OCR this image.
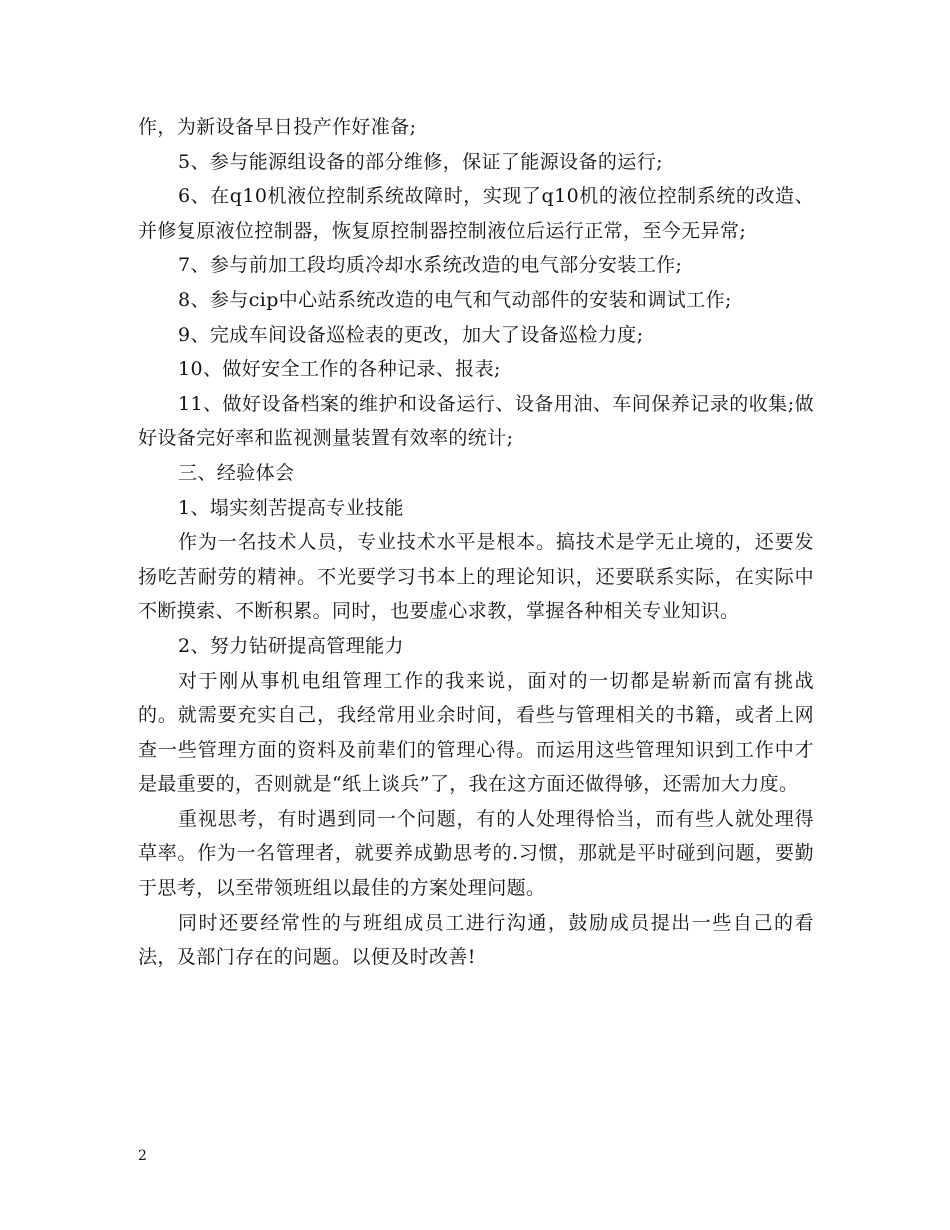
作，为新设备早日投产作好准备;

5、参与能源组设备的部分维修，保证了能源设备的运行;

6、在q10机液位控制系统故障时，实现了q10机的液位控制系统的改造、并修复原液位控制器，恢复原控制器控制液位后运行正常，至今无异常;

7、参与前加工段均质冷却水系统改造的电气部分安装工作;

8、参与cip中心站系统改造的电气和气动部件的安装和调试工作;

9、完成车间设备巡检表的更改，加大了设备巡检力度;

10、做好安全工作的各种记录、报表;

11、做好设备档案的维护和设备运行、设备用油、车间保养记录的收集;做好设备完好率和监视测量装置有效率的统计;

三、经验体会

1、塌实刻苦提高专业技能

作为一名技术人员，专业技术水平是根本。搞技术是学无止境的，还要发扬吃苦耐劳的精神。不光要学习书本上的理论知识，还要联系实际，在实际中不断摸索、不断积累。同时，也要虚心求教，掌握各种相关专业知识。

2、努力钻研提高管理能力

对于刚从事机电组管理工作的我来说，面对的一切都是崭新而富有挑战的。就需要充实自己，我经常用业余时间，看些与管理相关的书籍，或者上网查一些管理方面的资料及前辈们的管理心得。而运用这些管理知识到工作中才是最重要的，否则就是“纸上谈兵”了，我在这方面还做得够，还需加大力度。

重视思考，有时遇到同一个问题，有的人处理得恰当，而有些人就处理得草率。作为一名管理者，就要养成勤思考的.习惯，那就是平时碰到问题，要勤于思考，以至带领班组以最佳的方案处理问题。

同时还要经常性的与班组成员工进行沟通，鼓励成员提出一些自己的看法，及部门存在的问题。以便及时改善!

2
